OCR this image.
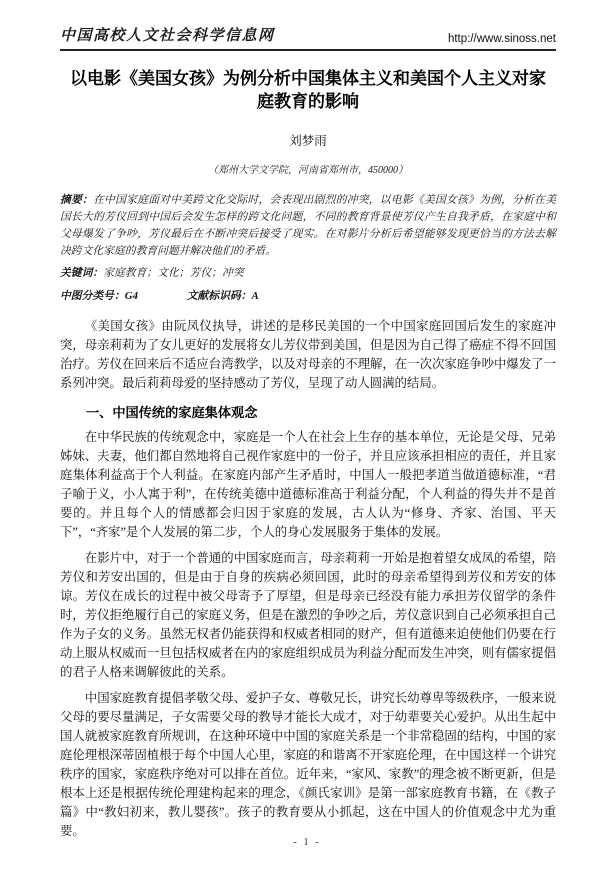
中国高校人文社会科学信息网	http://www.sinoss.net
以电影《美国女孩》为例分析中国集体主义和美国个人主义对家庭教育的影响
刘梦雨
（郑州大学文学院，河南省郑州市，450000）
摘要：在中国家庭面对中美跨文化交际时，会表现出剧烈的冲突，以电影《美国女孩》为例，分析在美国长大的芳仪回到中国后会发生怎样的跨文化问题，不同的教育背景使芳仪产生自我矛盾，在家庭中和父母爆发了争吵，芳仪最后在不断冲突后接受了现实。在对影片分析后希望能够发现更恰当的方法去解决跨文化家庭的教育问题并解决他们的矛盾。
关键词：家庭教育；文化；芳仪；冲突
中图分类号：G4	文献标识码：A

《美国女孩》由阮凤仪执导，讲述的是移民美国的一个中国家庭回国后发生的家庭冲突，母亲莉莉为了女儿更好的发展将女儿芳仪带到美国，但是因为自己得了癌症不得不回国治疗。芳仪在回来后不适应台湾教学，以及对母亲的不理解，在一次次家庭争吵中爆发了一系列冲突。最后莉莉母爱的坚持感动了芳仪，呈现了动人圆满的结局。

一、中国传统的家庭集体观念

在中华民族的传统观念中，家庭是一个人在社会上生存的基本单位，无论是父母、兄弟姊妹、夫妻，他们都自然地将自己视作家庭中的一份子，并且应该承担相应的责任，并且家庭集体利益高于个人利益。在家庭内部产生矛盾时，中国人一般把孝道当做道德标准，“君子喻于义，小人寓于利”，在传统美德中道德标准高于利益分配，个人利益的得失并不是首要的。并且每个人的情感都会归因于家庭的发展，古人认为“修身、齐家、治国、平天下”，“齐家”是个人发展的第二步，个人的身心发展服务于集体的发展。

在影片中，对于一个普通的中国家庭而言，母亲莉莉一开始是抱着望女成凤的希望，陪芳仪和芳安出国的，但是由于自身的疾病必须回国，此时的母亲希望得到芳仪和芳安的体谅。芳仪在成长的过程中被父母寄予了厚望，但是母亲已经没有能力承担芳仪留学的条件时，芳仪拒绝履行自己的家庭义务，但是在激烈的争吵之后，芳仪意识到自己必须承担自己作为子女的义务。虽然无权者仍能获得和权威者相同的财产，但有道德来迫使他们仍要在行动上服从权威而一旦包括权威者在内的家庭组织成员为利益分配而发生冲突，则有儒家提倡的君子人格来调解彼此的关系。

中国家庭教育提倡孝敬父母、爱护子女、尊敬兄长，讲究长幼尊卑等级秩序，一般来说父母的要尽量满足，子女需要父母的教导才能长大成才，对于幼辈要关心爱护。从出生起中国人就被家庭教育所规训，在这种环境中中国的家庭关系是一个非常稳固的结构，中国的家庭伦理根深蒂固植根于每个中国人心里，家庭的和谐离不开家庭伦理，在中国这样一个讲究秩序的国家，家庭秩序绝对可以排在首位。近年来，“家风、家教”的理念被不断更新，但是根本上还是根据传统伦理建构起来的理念，《颜氏家训》是第一部家庭教育书籍，在《教子篇》中“教妇初来，教儿婴孩”。孩子的教育要从小抓起，这在中国人的价值观念中尤为重要。

- 1 -
